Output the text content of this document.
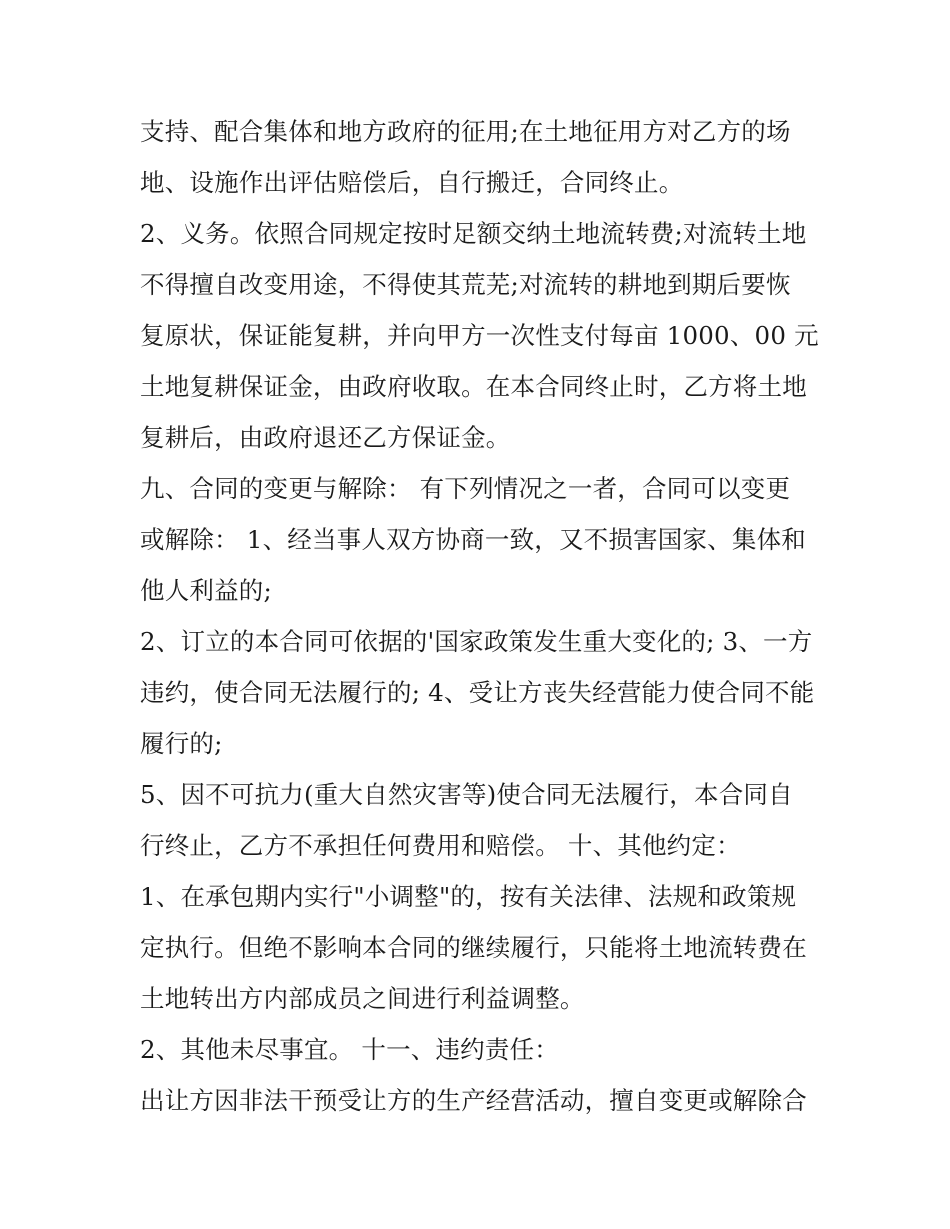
支持、配合集体和地方政府的征用;在土地征用方对乙方的场
地、设施作出评估赔偿后，自行搬迁，合同终止。
2、义务。依照合同规定按时足额交纳土地流转费;对流转土地
不得擅自改变用途，不得使其荒芜;对流转的耕地到期后要恢
复原状，保证能复耕，并向甲方一次性支付每亩 1000、00 元
土地复耕保证金，由政府收取。在本合同终止时，乙方将土地
复耕后，由政府退还乙方保证金。
九、合同的变更与解除： 有下列情况之一者，合同可以变更
或解除： 1、经当事人双方协商一致，又不损害国家、集体和
他人利益的;
2、订立的本合同可依据的'国家政策发生重大变化的; 3、一方
违约，使合同无法履行的; 4、受让方丧失经营能力使合同不能
履行的;
5、因不可抗力(重大自然灾害等)使合同无法履行，本合同自
行终止，乙方不承担任何费用和赔偿。 十、其他约定：
1、在承包期内实行"小调整"的，按有关法律、法规和政策规
定执行。但绝不影响本合同的继续履行，只能将土地流转费在
土地转出方内部成员之间进行利益调整。
2、其他未尽事宜。 十一、违约责任：
出让方因非法干预受让方的生产经营活动，擅自变更或解除合
